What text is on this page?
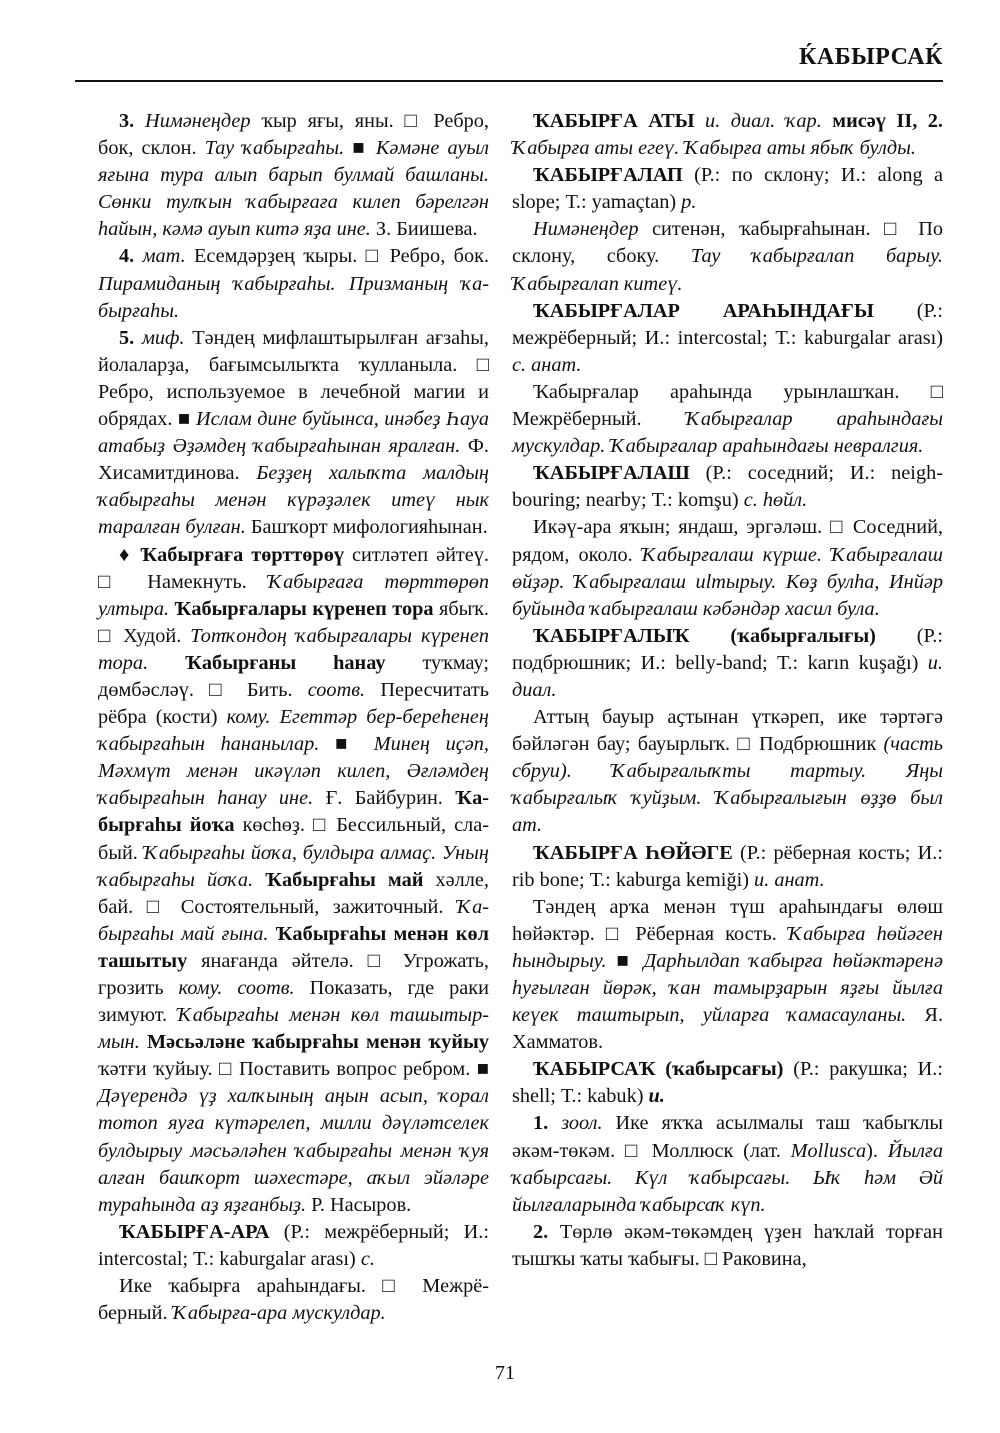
ЌАБЫРСАЌ

3. Нимәнеңдер ҡыр яғы, яны. □ Ребро, бок, склон. Тау ҡабырғаһы. ■ Кәмәне ауыл яғына тура алып барып булмай башланы. Сөнки тулҡын ҡабырғаға килеп бәрелгән һайын, кәмә ауып китә яҙа ине. З. Биишева.

4. мат. Есемдәрҙең ҡыры. □ Ребро, бок. Пирамиданың ҡабырғаһы. Призманың ҡабырғаһы.

5. миф. Тәндең мифлаштырылған ағзаһы, йолаларҙа, бағымсылыҡта ҡулланыла. □ Ребро, используемое в лечебной магии и обрядах. ■ Ислам дине буйынса, инәбеҙ Һауа атабыҙ Әҙәмдең ҡабырғаһынан яралған. Ф. Хисамитдинова. Беҙҙең халыҡта малдың ҡабырғаһы менән күрәҙәлек итеү нык таралған булған. Башҡорт мифологияһынан.

♦ Ҡабырғаға төрттөрөү ситләтеп әйтеү. □ Намекнуть. Ҡабырғаға төрттөрөп ултыра. Ҡабырғалары күренеп тора ябыҡ. □ Худой. Тотҡондоң ҡабырғалары күренеп тора. Ҡабырғаны һанау туҡмау; дөмбәсләү. □ Бить. соотв. Пересчитать рёбра (кости) кому. Егеттәр бер-береһенең ҡабырғаһын һананылар. ■ Минең иҫәп, Мәхмүт менән икәүләп килеп, Әғләмдең ҡабырғаһын һанау ине. Ғ. Байбурин. Ҡабырғаһы йоҡа көсһөҙ. □ Бессильный, слабый. Ҡабырғаһы йоҡа, булдыра алмаҫ. Уның ҡабырғаһы йоҡа. Ҡабырғаһы май хәлле, бай. □ Состоятельный, зажиточный. Ҡабырғаһы май ғына. Ҡабырғаһы менән көл ташытыу янағанда әйтелә. □ Угрожать, грозить кому. соотв. Показать, где раки зимуют. Ҡабырғаһы менән көл ташытырмын. Мәсьәләне ҡабырғаһы менән ҡуйыу ҡәтғи ҡуйыу. □ Поставить вопрос ребром. ■ Дәүерендә үҙ халҡының аңын асып, ҡорал тотоп яуға күтәрелеп, милли дәүләтселек булдырыу мәсьәләһен ҡабырғаһы менән ҡуя алған башҡорт шәхестәре, аҡыл эйәләре тураһында аҙ яҙғанбыҙ. Р. Насыров.

ҠАБЫРҒА-АРА (Р.: межрёберный; И.: intercostal; Т.: kaburgalar arası) с.

Ике ҡабырға араһындағы. □ Межрёберный. Ҡабырға-ара мускулдар.

ҠАБЫРҒА АТЫ и. диал. ҡар. мисәү II, 2. Ҡабырға аты егеү. Ҡабырға аты ябыҡ булды.

ҠАБЫРҒАЛАП (Р.: по склону; И.: along a slope; Т.: yamaçtan) р.

Нимәнеңдер ситенән, ҡабырғаһынан. □ По склону, сбоку. Тау ҡабырғалап барыу. Ҡабырғалап китеү.

ҠАБЫРҒАЛАР АРАҺЫНДАҒЫ (Р.: межрёберный; И.: intercostal; Т.: kaburgalar arası) с. анат.

Ҡабырғалар араһында урынлашҡан. □ Межрёберный. Ҡабырғалар араһындағы мускулдар. Ҡабырғалар араһындағы невралгия.

ҠАБЫРҒАЛАШ (Р.: соседний; И.: neighbouring; nearby; Т.: komşu) с. һөйл.

Икәү-ара яҡын; яндаш, эргәләш. □ Соседний, рядом, около. Ҡабырғалаш күрше. Ҡабырғалаш өйҙәр. Ҡабырғалаш ulтырыу. Көҙ булһа, Инйәр буйында ҡабырғалаш кәбәндәр хасил була.

ҠАБЫРҒАЛЫҠ (ҡабырғалығы) (Р.: подбрюшник; И.: belly-band; Т.: karın kuşağı) и. диал.

Аттың бауыр аҫтынан үткәреп, ике тәртәгә бәйләгән бау; бауырлыҡ. □ Подбрюшник (часть сбруи). Ҡабырғалыҡты тартыу. Яңы ҡабырғалыҡ ҡуйҙым. Ҡабырғалығын өҙҙө был ат.

ҠАБЫРҒА ҺӨЙӘГЕ (Р.: рёберная кость; И.: rib bone; Т.: kaburga kemiği) и. анат.

Тәндең арҡа менән түш араһындағы өлөш һөйәктәр. □ Рёберная кость. Ҡабырға һөйәген һындырыу. ■ Дарһылдап ҡабырға һөйәктәренә һуғылған йөрәк, ҡан тамырҙарын яҙғы йылға кеүек таштырып, уйларға ҡамасауланы. Я. Хамматов.

ҠАБЫРСАҠ (ҡабырсағы) (Р.: ракушка; И.: shell; Т.: kabuk) и.

1. зоол. Ике яҡҡа асылмалы таш ҡабыҡлы әкәм-төкәм. □ Моллюск (лат. Mollusca). Йылға ҡабырсағы. Күл ҡабырсағы. Ыҡ һәм Әй йылғаларында ҡабырсаҡ күп.

2. Төрлө әкәм-төкәмдең үҙен һаҡлай торған тышҡы ҡаты ҡабығы. □ Раковина,

71
